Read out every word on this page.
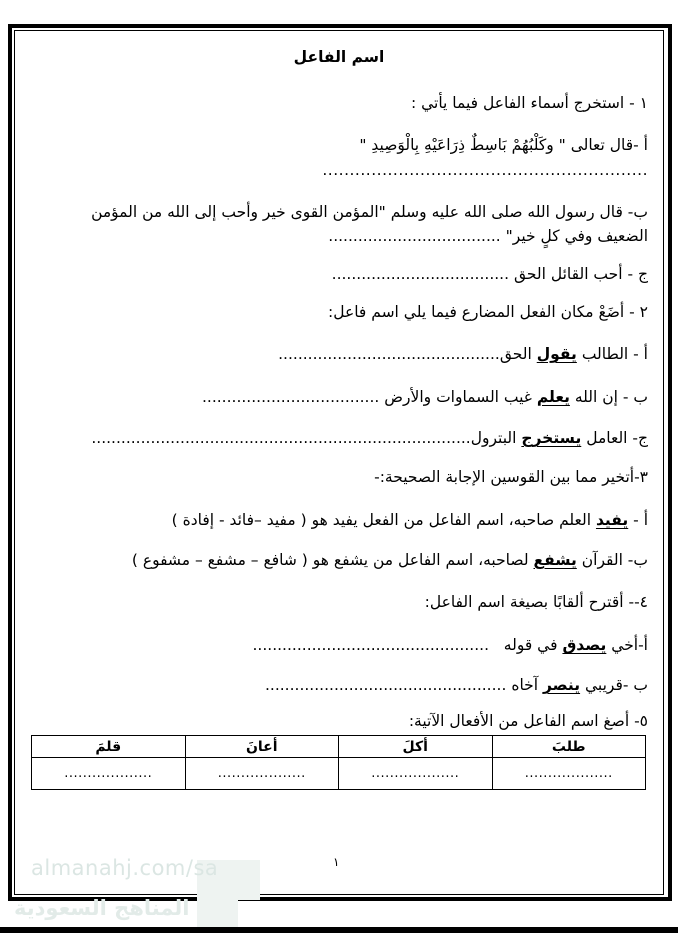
اسم الفاعل
١ - استخرج أسماء الفاعل فيما يأتي :
أ -قال تعالى " وكَلْبُهُمْ بَاسِطٌ ذِرَاعَيْهِ بِالْوَصِيدِ "
............................................................
ب- قال رسول الله صلى الله عليه وسلم "المؤمن القوى خير وأحب إلى الله من المؤمن الضعيف وفي كلٍ خير" ...................................
ج - أحب القائل الحق ....................................
٢ - أضَعْ مكان الفعل المضارع فيما يلي اسم فاعل:
أ - الطالب يقول الحق.............................................
ب - إن الله يعلم غيب السماوات والأرض ....................................
ج- العامل يستخرج البترول.............................................................................
٣-أتخير مما بين القوسين الإجابة الصحيحة:-
أ - يفيد العلم صاحبه، اسم الفاعل من الفعل يفيد هو ( مفيد –فائد - إفادة )
ب- القرآن يشفع لصاحبه، اسم الفاعل من يشفع هو ( شافع – مشفع – مشفوع )
٤-- أقترح ألقابًا بصيغة اسم الفاعل:
أ-أخي يصدق في قوله   ................................................
ب -قريبي ينصر آخاه .................................................
٥- أصغ اسم الفاعل من الأفعال الآتية:
طلبَ	أكلَ	أعانَ	قلمَ
...................	...................	...................	...................
١
almanahj.com/sa
المناهج السعودية
